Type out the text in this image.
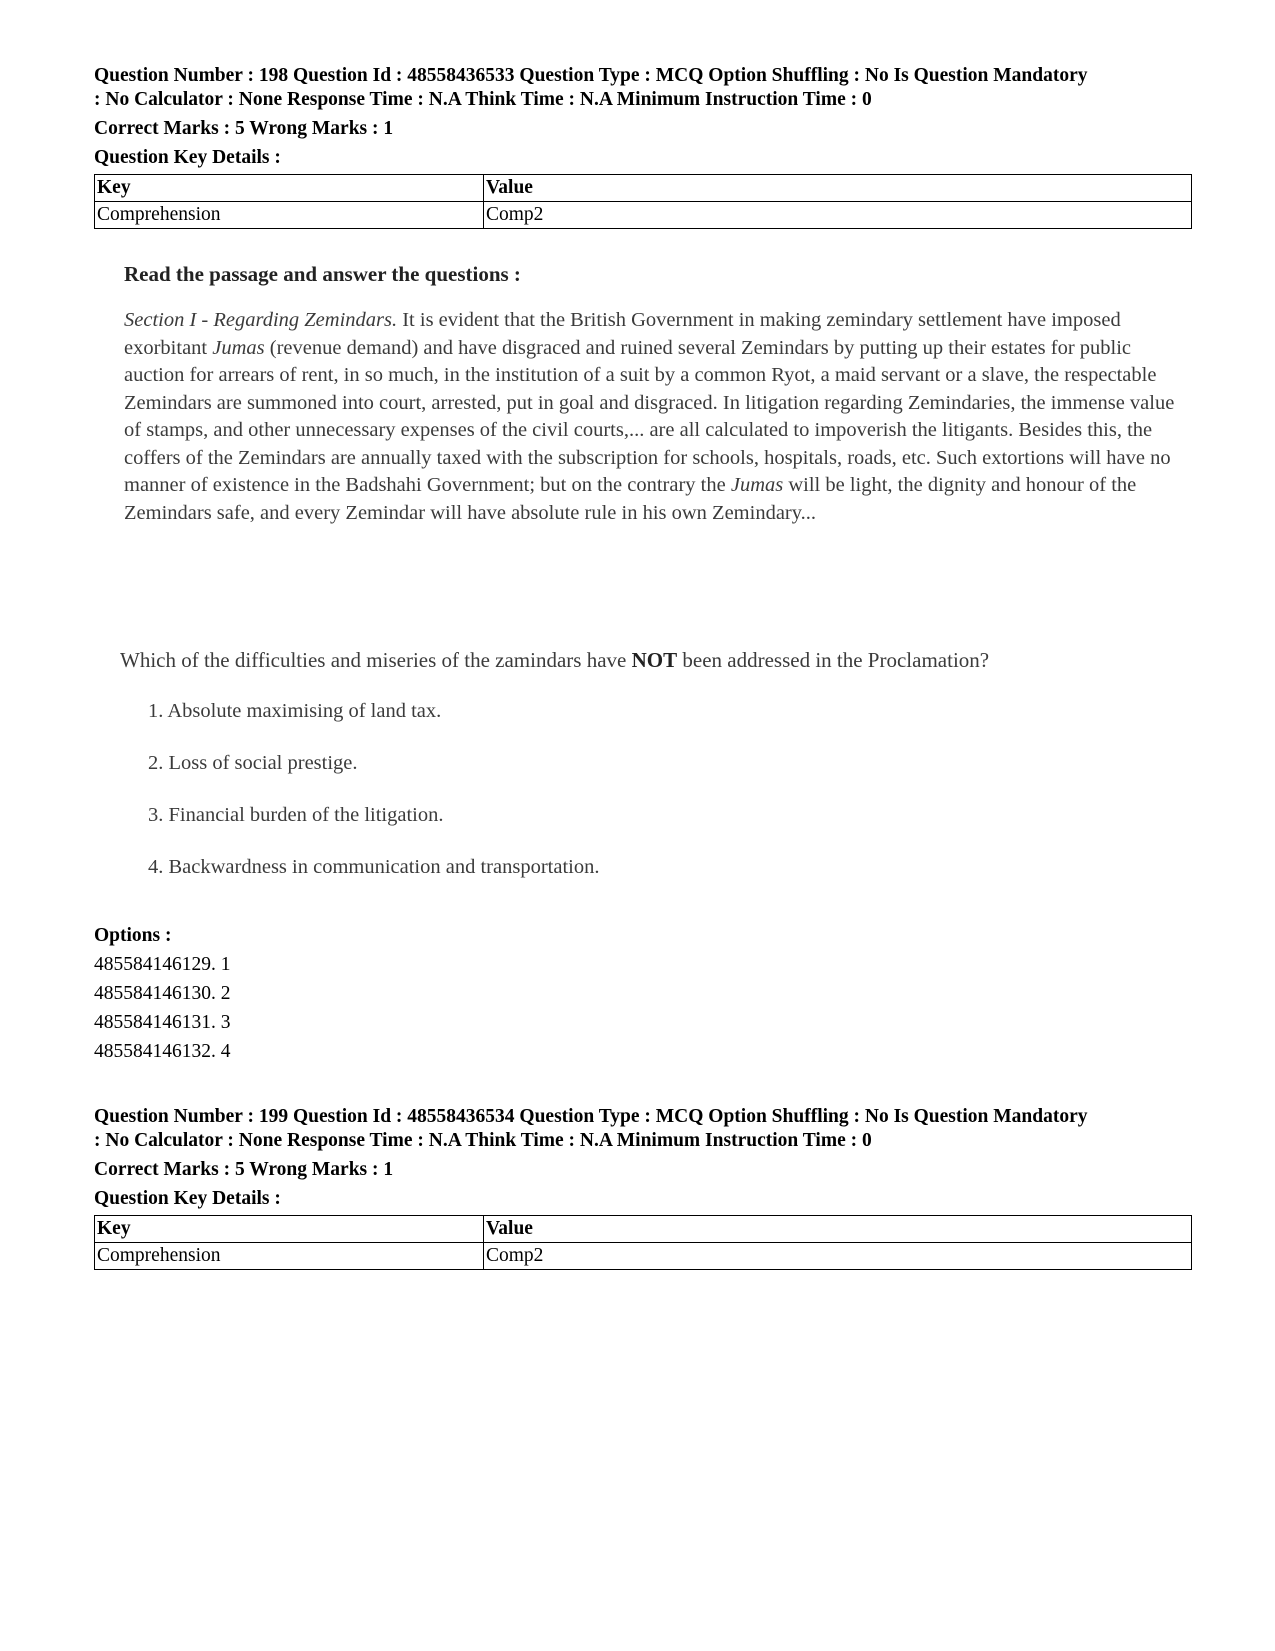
Question Number : 198 Question Id : 48558436533 Question Type : MCQ Option Shuffling : No Is Question Mandatory

: No Calculator : None Response Time : N.A Think Time : N.A Minimum Instruction Time : 0

Correct Marks : 5 Wrong Marks : 1
Question Key Details :
Key	Value
Comprehension	Comp2
Read the passage and answer the questions :
Section I - Regarding Zemindars. It is evident that the British Government in making zemindary settlement have imposed exorbitant Jumas (revenue demand) and have disgraced and ruined several Zemindars by putting up their estates for public auction for arrears of rent, in so much, in the institution of a suit by a common Ryot, a maid servant or a slave, the respectable Zemindars are summoned into court, arrested, put in goal and disgraced. In litigation regarding Zemindaries, the immense value of stamps, and other unnecessary expenses of the civil courts,... are all calculated to impoverish the litigants. Besides this, the coffers of the Zemindars are annually taxed with the subscription for schools, hospitals, roads, etc. Such extortions will have no manner of existence in the Badshahi Government; but on the contrary the Jumas will be light, the dignity and honour of the Zemindars safe, and every Zemindar will have absolute rule in his own Zemindary...
Which of the difficulties and miseries of the zamindars have NOT been addressed in the Proclamation?
1. Absolute maximising of land tax.
2. Loss of social prestige.
3. Financial burden of the litigation.
4. Backwardness in communication and transportation.
Options :
485584146129. 1
485584146130. 2
485584146131. 3
485584146132. 4

Question Number : 199 Question Id : 48558436534 Question Type : MCQ Option Shuffling : No Is Question Mandatory

: No Calculator : None Response Time : N.A Think Time : N.A Minimum Instruction Time : 0

Correct Marks : 5 Wrong Marks : 1
Question Key Details :
Key	Value
Comprehension	Comp2
